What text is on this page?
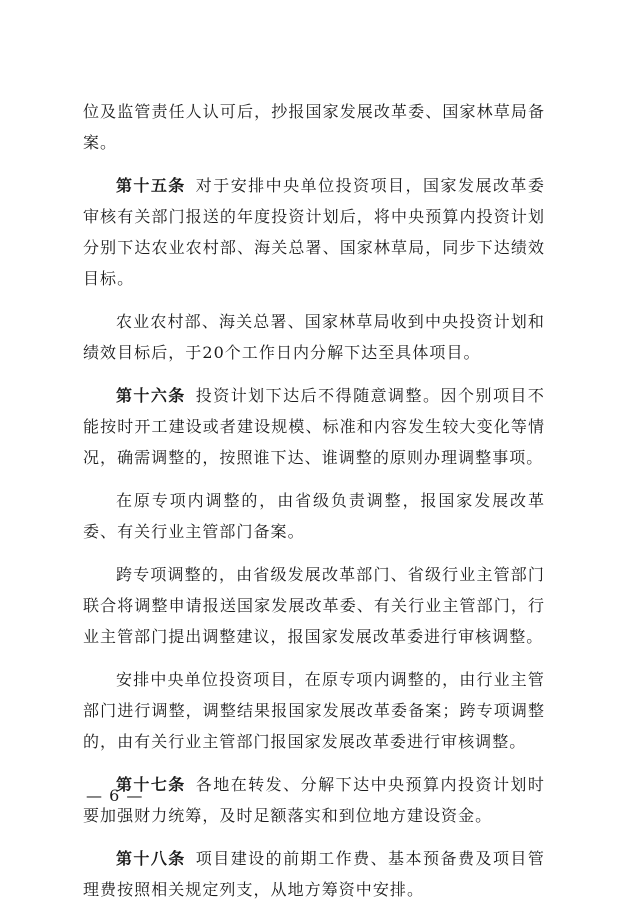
位及监管责任人认可后，抄报国家发展改革委、国家林草局备案。

第十五条 对于安排中央单位投资项目，国家发展改革委审核有关部门报送的年度投资计划后，将中央预算内投资计划分别下达农业农村部、海关总署、国家林草局，同步下达绩效目标。

农业农村部、海关总署、国家林草局收到中央投资计划和绩效目标后，于20个工作日内分解下达至具体项目。

第十六条 投资计划下达后不得随意调整。因个别项目不能按时开工建设或者建设规模、标准和内容发生较大变化等情况，确需调整的，按照谁下达、谁调整的原则办理调整事项。

在原专项内调整的，由省级负责调整，报国家发展改革委、有关行业主管部门备案。

跨专项调整的，由省级发展改革部门、省级行业主管部门联合将调整申请报送国家发展改革委、有关行业主管部门，行业主管部门提出调整建议，报国家发展改革委进行审核调整。

安排中央单位投资项目，在原专项内调整的，由行业主管部门进行调整，调整结果报国家发展改革委备案；跨专项调整的，由有关行业主管部门报国家发展改革委进行审核调整。

第十七条 各地在转发、分解下达中央预算内投资计划时要加强财力统筹，及时足额落实和到位地方建设资金。

第十八条 项目建设的前期工作费、基本预备费及项目管理费按照相关规定列支，从地方筹资中安排。

— 6 —
